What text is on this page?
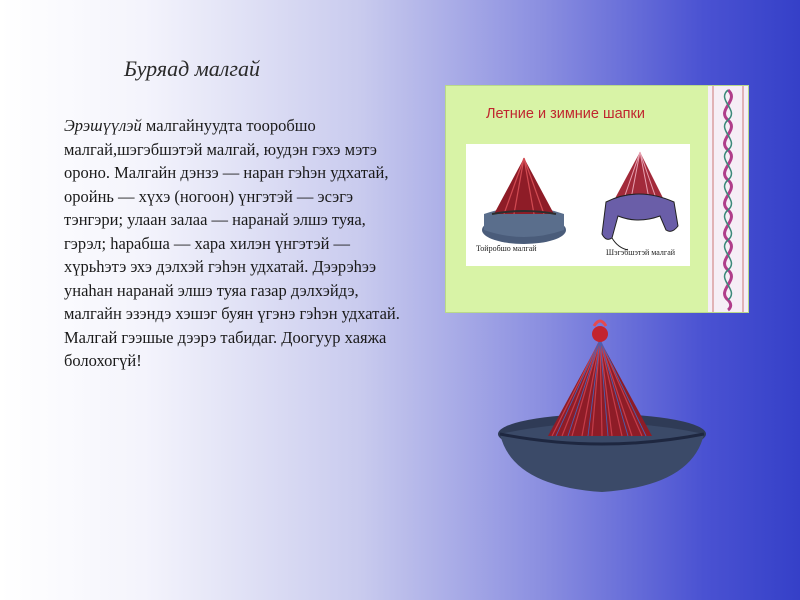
Буряад малгай

Эрэшүүлэй малгайнуудта тооробшо малгай,шэгэбшэтэй малгай, юудэн гэхэ мэтэ ороно. Малгайн дэнзэ — наран гэһэн удхатай, оройнь — хүхэ (ногоон) үнгэтэй — эсэгэ тэнгэри; улаан залаа — наранай элшэ туяа, гэрэл; һарабша — хара хилэн үнгэтэй — хүрьһэтэ эхэ дэлхэй гэһэн удхатай. Дээрэһээ унаһан наранай элшэ туяа газар дэлхэйдэ, малгайн эзэндэ хэшэг буян үгэнэ гэһэн удхатай.

Малгай гээшые дээрэ табидаг. Доогуур хаяжа болохогүй!

Летние и зимние шапки
Тойробшо малгай	Шэгэбшэтэй малгай
